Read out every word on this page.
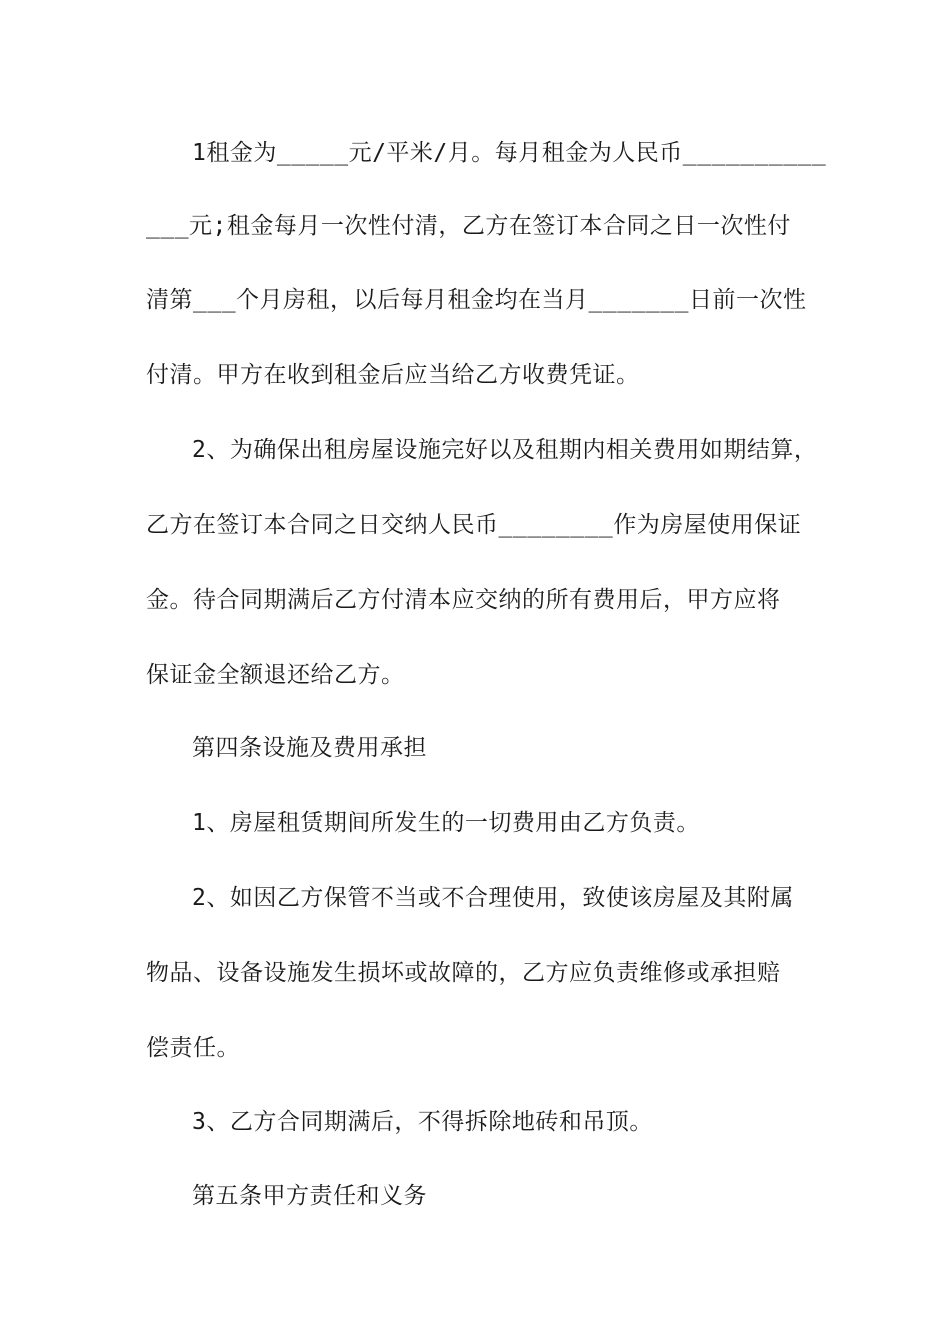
1租金为_____元/平米/月。每月租金为人民币__________
___元;租金每月一次性付清，乙方在签订本合同之日一次性付
清第___个月房租，以后每月租金均在当月_______日前一次性
付清。甲方在收到租金后应当给乙方收费凭证。
2、为确保出租房屋设施完好以及租期内相关费用如期结算，
乙方在签订本合同之日交纳人民币________作为房屋使用保证
金。待合同期满后乙方付清本应交纳的所有费用后，甲方应将
保证金全额退还给乙方。
第四条设施及费用承担
1、房屋租赁期间所发生的一切费用由乙方负责。
2、如因乙方保管不当或不合理使用，致使该房屋及其附属
物品、设备设施发生损坏或故障的，乙方应负责维修或承担赔
偿责任。
3、乙方合同期满后，不得拆除地砖和吊顶。
第五条甲方责任和义务
